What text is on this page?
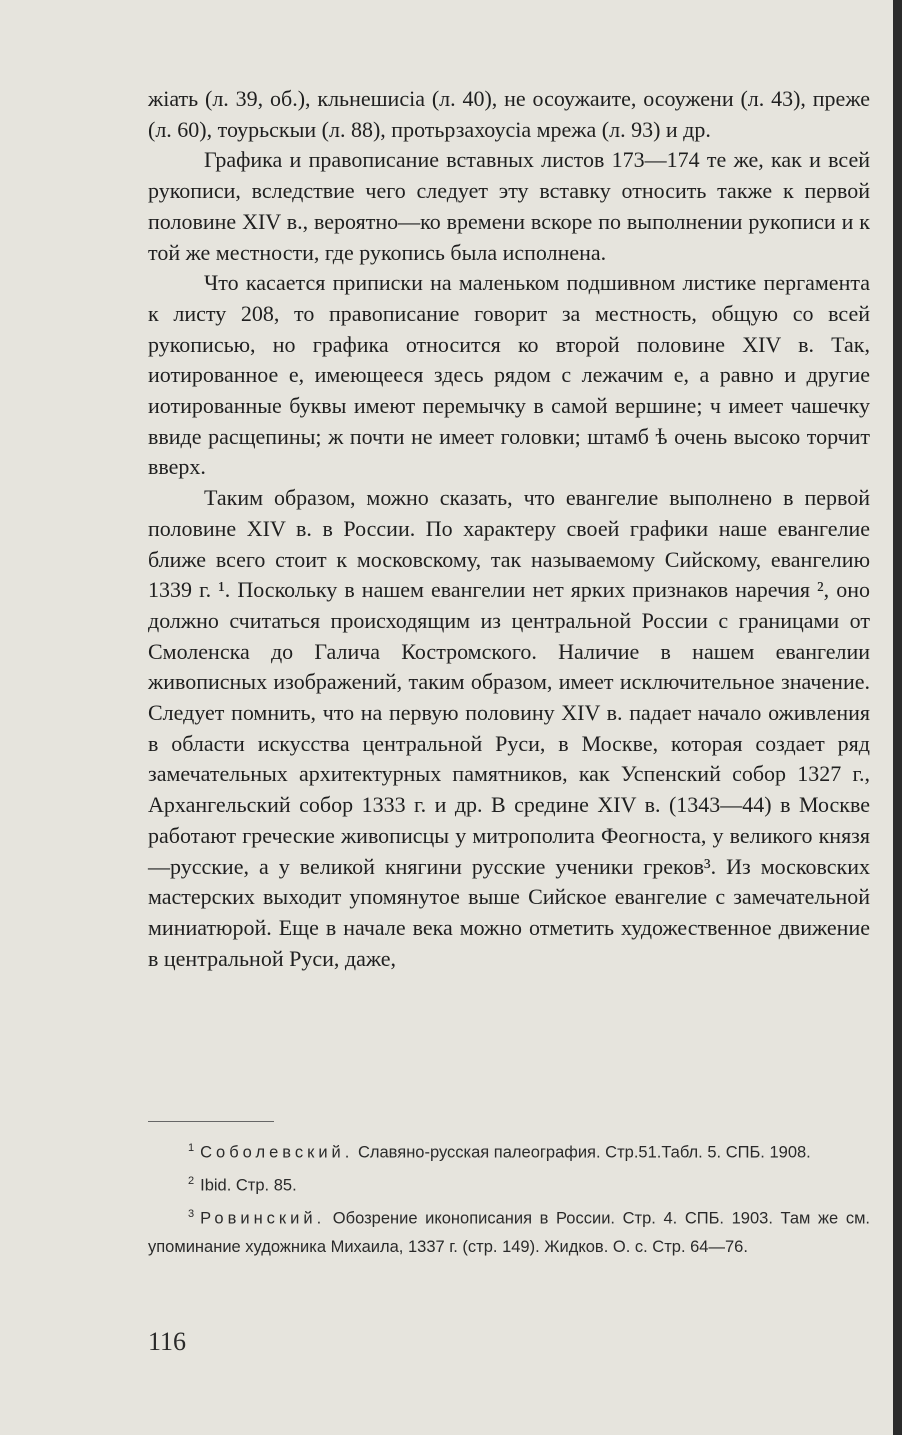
жіать (л. 39, об.), кльнешисіа (л. 40), не осоужаите, осоужени (л. 43), преже (л. 60), тоурьскыи (л. 88), протьрзахоусіа мрежа (л. 93) и др.

Графика и правописание вставных листов 173—174 те же, как и всей рукописи, вследствие чего следует эту вставку относить также к первой половине XIV в., вероятно—ко времени вскоре по выполнении рукописи и к той же местности, где рукопись была исполнена.

Что касается приписки на маленьком подшивном листике пергамента к листу 208, то правописание говорит за местность, общую со всей рукописью, но графика относится ко второй половине XIV в. Так, иотированное е, имеющееся здесь рядом с лежачим е, а равно и другие иотированные буквы имеют перемычку в самой вершине; ч имеет чашечку ввиде расщепины; ж почти не имеет головки; штамб ѣ очень высоко торчит вверх.

Таким образом, можно сказать, что евангелие выполнено в первой половине XIV в. в России. По характеру своей графики наше евангелие ближе всего стоит к московскому, так называемому Сийскому, евангелию 1339 г. ¹. Поскольку в нашем евангелии нет ярких признаков наречия ², оно должно считаться происходящим из центральной России с границами от Смоленска до Галича Костромского. Наличие в нашем евангелии живописных изображений, таким образом, имеет исключительное значение. Следует помнить, что на первую половину XIV в. падает начало оживления в области искусства центральной Руси, в Москве, которая создает ряд замечательных архитектурных памятников, как Успенский собор 1327 г., Архангельский собор 1333 г. и др. В средине XIV в. (1343—44) в Москве работают греческие живописцы у митрополита Феогноста, у великого князя—русские, а у великой княгини русские ученики греков³. Из московских мастерских выходит упомянутое выше Сийское евангелие с замечательной миниатюрой. Еще в начале века можно отметить художественное движение в центральной Руси, даже,

$^1$ Соболевский. Славяно-русская палеография. Стр.51.Табл. 5. СПБ. 1908.

$^2$ Ibid. Стр. 85.

$^3$ Ровинский. Обозрение иконописания в России. Стр. 4. СПБ. 1903. Там же см. упоминание художника Михаила, 1337 г. (стр. 149). Жидков. О. с. Стр. 64—76.

116
